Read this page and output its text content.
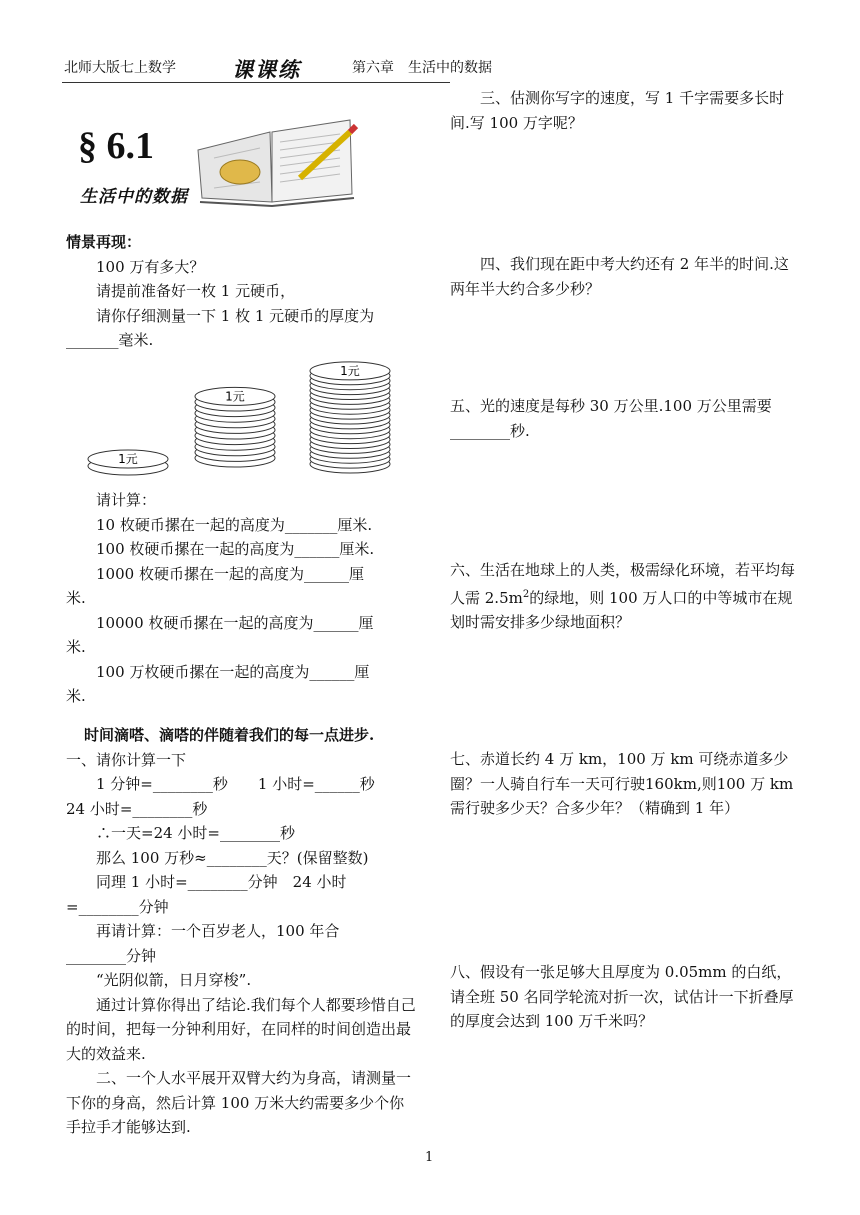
北师大版七上数学	课课练	第六章　生活中的数据
§ 6.1
生活中的数据

情景再现：

100 万有多大？

请提前准备好一枚 1 元硬币，

请你仔细测量一下 1 枚 1 元硬币的厚度为

_______毫米.

1元
1元
1元

请计算：

10 枚硬币摞在一起的高度为_______厘米.

100 枚硬币摞在一起的高度为______厘米.

1000 枚硬币摞在一起的高度为______厘

米.

10000 枚硬币摞在一起的高度为______厘

米.

100 万枚硬币摞在一起的高度为______厘

米.

时间滴嗒、滴嗒的伴随着我们的每一点进步.

一、请你计算一下

1 分钟=________秒　　1 小时=______秒

24 小时=________秒

∴一天=24 小时=________秒

那么 100 万秒≈________天？(保留整数)

同理 1 小时=________分钟　24 小时

=________分钟

再请计算：一个百岁老人，100 年合

________分钟

“光阴似箭，日月穿梭”.

通过计算你得出了结论.我们每个人都要珍惜自己的时间，把每一分钟利用好，在同样的时间创造出最大的效益来.

二、一个人水平展开双臂大约为身高，请测量一下你的身高，然后计算 100 万米大约需要多少个你手拉手才能够达到.

三、估测你写字的速度，写 1 千字需要多长时间.写 100 万字呢？

四、我们现在距中考大约还有 2 年半的时间.这两年半大约合多少秒？

五、光的速度是每秒 30 万公里.100 万公里需要

________秒.

六、生活在地球上的人类，极需绿化环境，若平均每人需 $2.5m^2$的绿地，则 100 万人口的中等城市在规划时需安排多少绿地面积？

七、赤道长约 4 万 km，100 万 km 可绕赤道多少圈？一人骑自行车一天可行驶160km,则100 万 km 需行驶多少天？合多少年？（精确到 1 年）

八、假设有一张足够大且厚度为 0.05mm 的白纸，请全班 50 名同学轮流对折一次，试估计一下折叠厚的厚度会达到 100 万千米吗？

1
